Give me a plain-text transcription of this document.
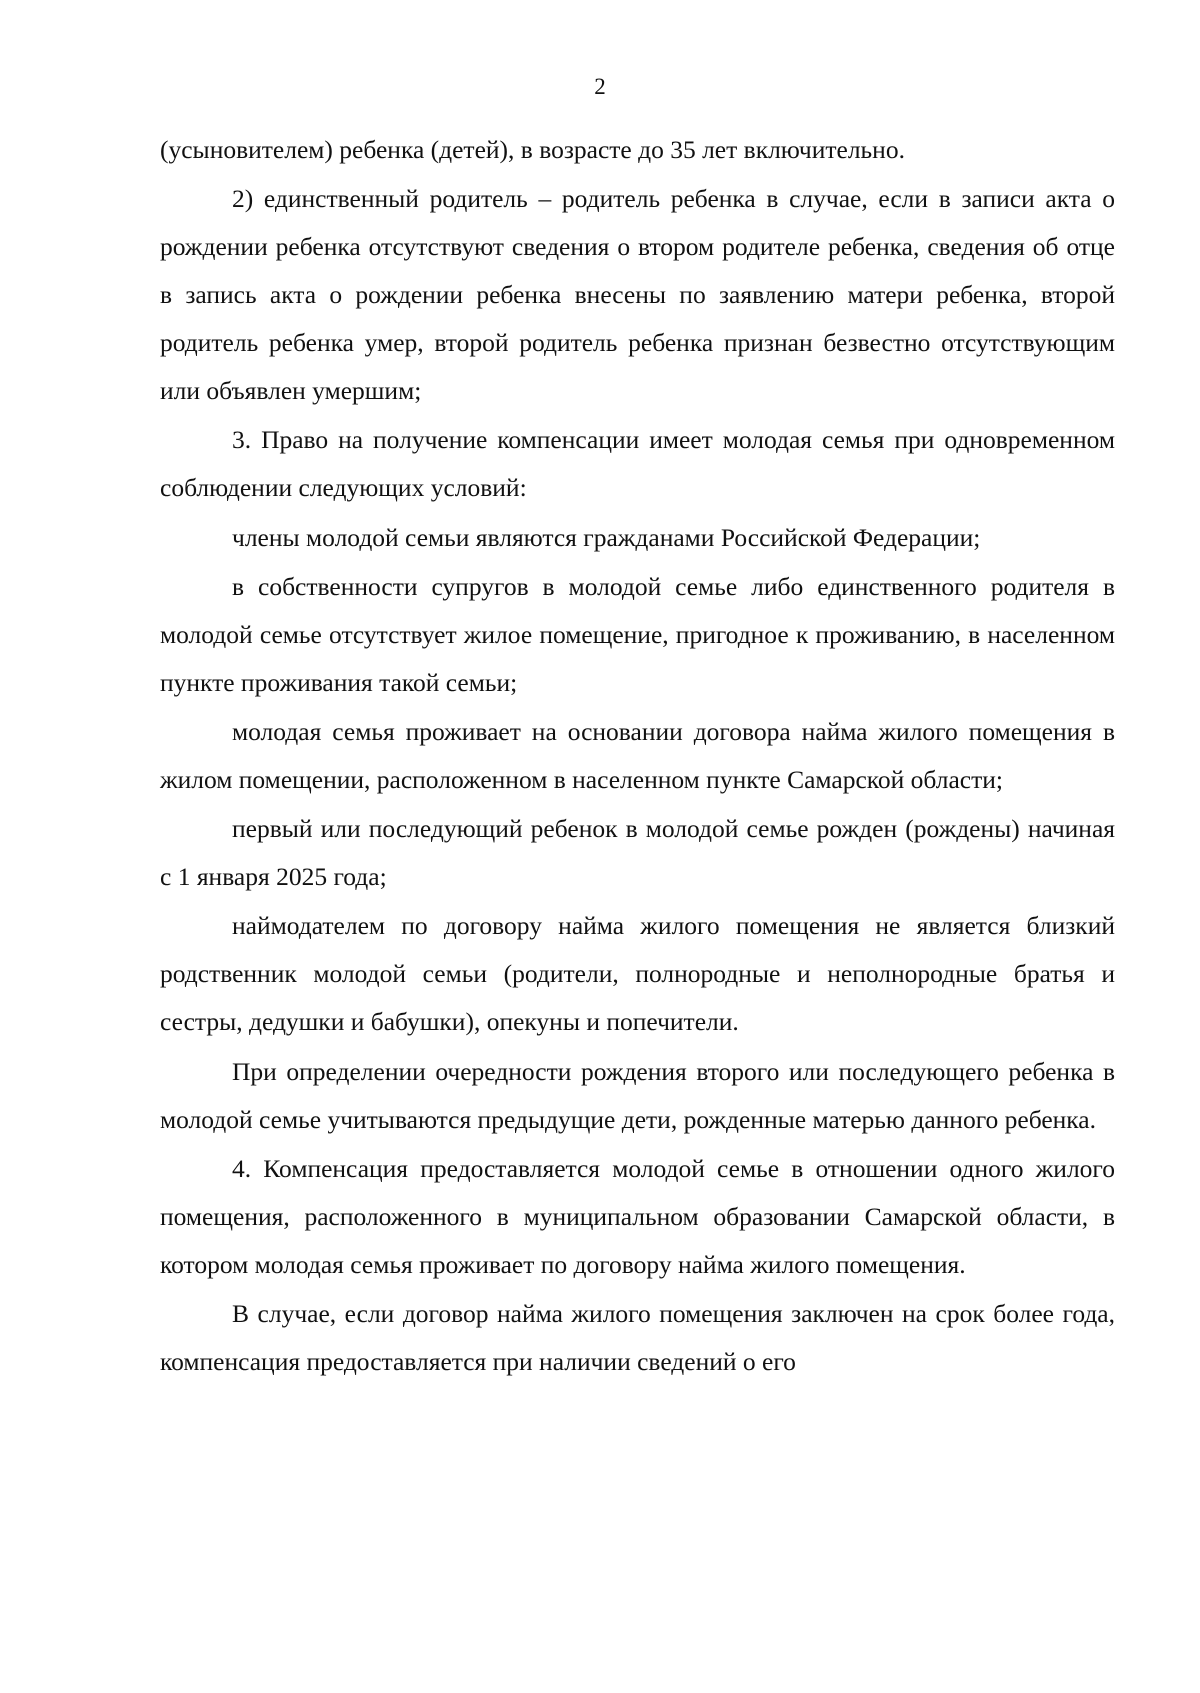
2

(усыновителем) ребенка (детей), в возрасте до 35 лет включительно.

2) единственный родитель – родитель ребенка в случае, если в записи акта о рождении ребенка отсутствуют сведения о втором родителе ребенка, сведения об отце в запись акта о рождении ребенка внесены по заявлению матери ребенка, второй родитель ребенка умер, второй родитель ребенка признан безвестно отсутствующим или объявлен умершим;

3. Право на получение компенсации имеет молодая семья при одновременном соблюдении следующих условий:

члены молодой семьи являются гражданами Российской Федерации;

в собственности супругов в молодой семье либо единственного родителя в молодой семье отсутствует жилое помещение, пригодное к проживанию, в населенном пункте проживания такой семьи;

молодая семья проживает на основании договора найма жилого помещения в жилом помещении, расположенном в населенном пункте Самарской области;

первый или последующий ребенок в молодой семье рожден (рождены) начиная с 1 января 2025 года;

наймодателем по договору найма жилого помещения не является близкий родственник молодой семьи (родители, полнородные и неполнородные братья и сестры, дедушки и бабушки), опекуны и попечители.

При определении очередности рождения второго или последующего ребенка в молодой семье учитываются предыдущие дети, рожденные матерью данного ребенка.

4. Компенсация предоставляется молодой семье в отношении одного жилого помещения, расположенного в муниципальном образовании Самарской области, в котором молодая семья проживает по договору найма жилого помещения.

В случае, если договор найма жилого помещения заключен на срок более года, компенсация предоставляется при наличии сведений о его
